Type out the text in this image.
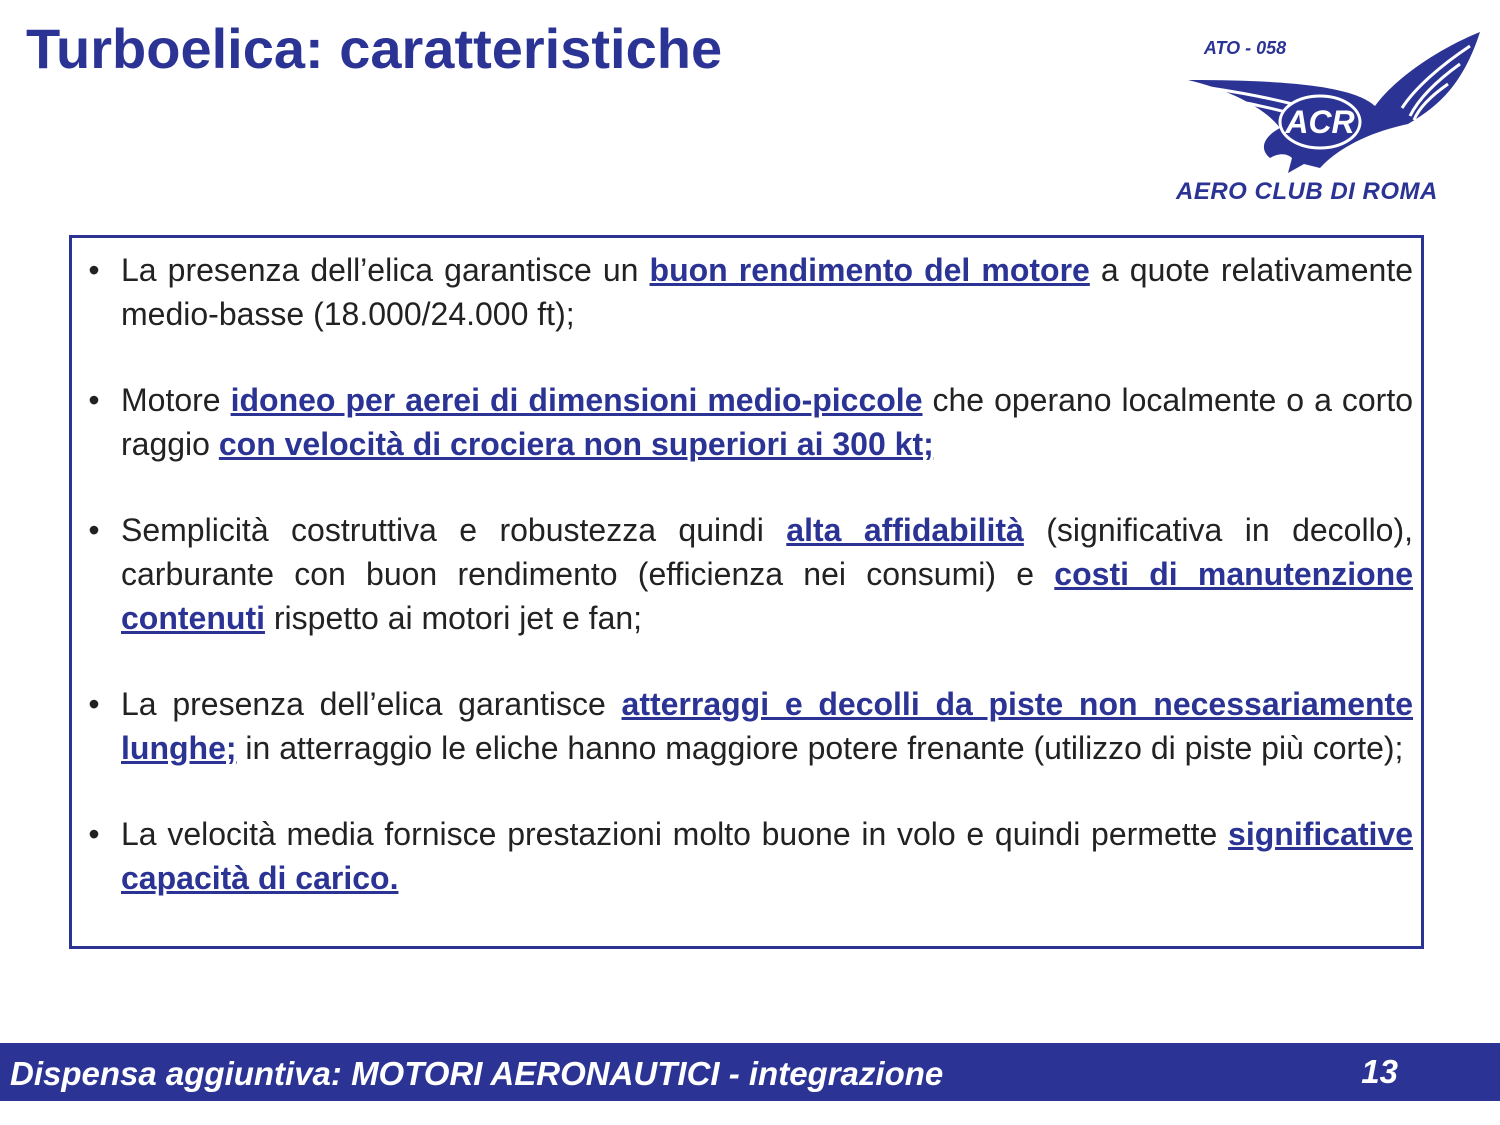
Turboelica: caratteristiche
ACR
ATO - 058
AERO CLUB DI ROMA
• La presenza dell’elica garantisce un buon rendimento del motore a quote relativamente medio-basse (18.000/24.000 ft);
• Motore idoneo per aerei di dimensioni medio-piccole che operano localmente o a corto raggio con velocità di crociera non superiori ai 300 kt;
• Semplicità costruttiva e robustezza quindi alta affidabilità (significativa in decollo), carburante con buon rendimento (efficienza nei consumi) e costi di manutenzione contenuti rispetto ai motori jet e fan;
• La presenza dell’elica garantisce atterraggi e decolli da piste non necessariamente lunghe; in atterraggio le eliche hanno maggiore potere frenante (utilizzo di piste più corte);
• La velocità media fornisce prestazioni molto buone in volo e quindi permette significative capacità di carico.
Dispensa aggiuntiva: MOTORI AERONAUTICI - integrazione	13
